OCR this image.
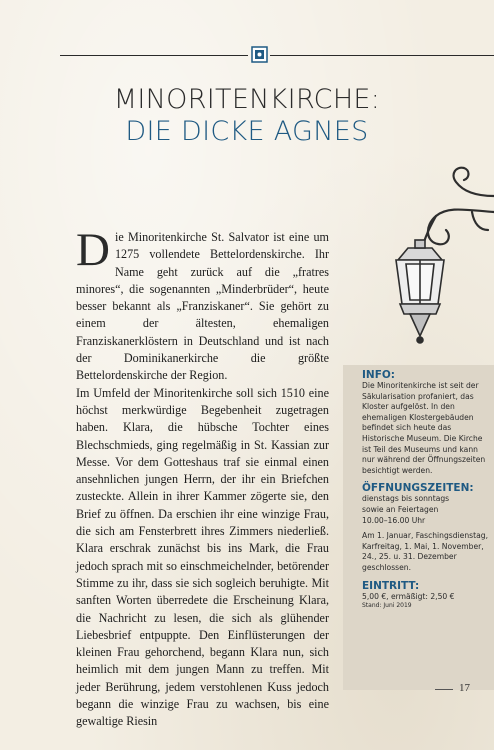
MINORITENKIRCHE:
DIE DICKE AGNES
D ie Minoritenkirche St. Salvator ist eine um 1275 vollendete Bettelordenskirche. Ihr Name geht zurück auf die „fratres minores“, die sogenannten „Minderbrüder“, heute besser bekannt als „Franziskaner“. Sie gehört zu einem der ältesten, ehemaligen Franziskanerklöstern in Deutschland und ist nach der Dominikanerkirche die größte Bettelordenskirche der Region.

Im Umfeld der Minoritenkirche soll sich 1510 eine höchst merkwürdige Begebenheit zugetragen haben. Klara, die hübsche Tochter eines Blechschmieds, ging regelmäßig in St. Kassian zur Messe. Vor dem Gotteshaus traf sie einmal einen ansehnlichen jungen Herrn, der ihr ein Briefchen zusteckte. Allein in ihrer Kammer zögerte sie, den Brief zu öffnen. Da erschien ihr eine winzige Frau, die sich am Fensterbrett ihres Zimmers niederließ. Klara erschrak zunächst bis ins Mark, die Frau jedoch sprach mit so einschmeichelnder, betörender Stimme zu ihr, dass sie sich sogleich beruhigte. Mit sanften Worten überredete die Erscheinung Klara, die Nachricht zu lesen, die sich als glühender Liebesbrief entpuppte. Den Einflüsterungen der kleinen Frau gehorchend, begann Klara nun, sich heimlich mit dem jungen Mann zu treffen. Mit jeder Berührung, jedem verstohlenen Kuss jedoch begann die winzige Frau zu wachsen, bis eine gewaltige Riesin

INFO:
Die Minoritenkirche ist seit der Säkularisation profaniert, das Kloster aufgelöst. In den ehemaligen Klostergebäuden befindet sich heute das Historische Museum. Die Kirche ist Teil des Museums und kann nur während der Öffnungszeiten besichtigt werden.
ÖFFNUNGSZEITEN:
dienstags bis sonntags
sowie an Feiertagen
10.00–16.00 Uhr
Am 1. Januar, Faschingsdienstag, Karfreitag, 1. Mai, 1. November, 24., 25. u. 31. Dezember geschlossen.
EINTRITT:
5,00 €, ermäßigt: 2,50 €
Stand: Juni 2019
17
